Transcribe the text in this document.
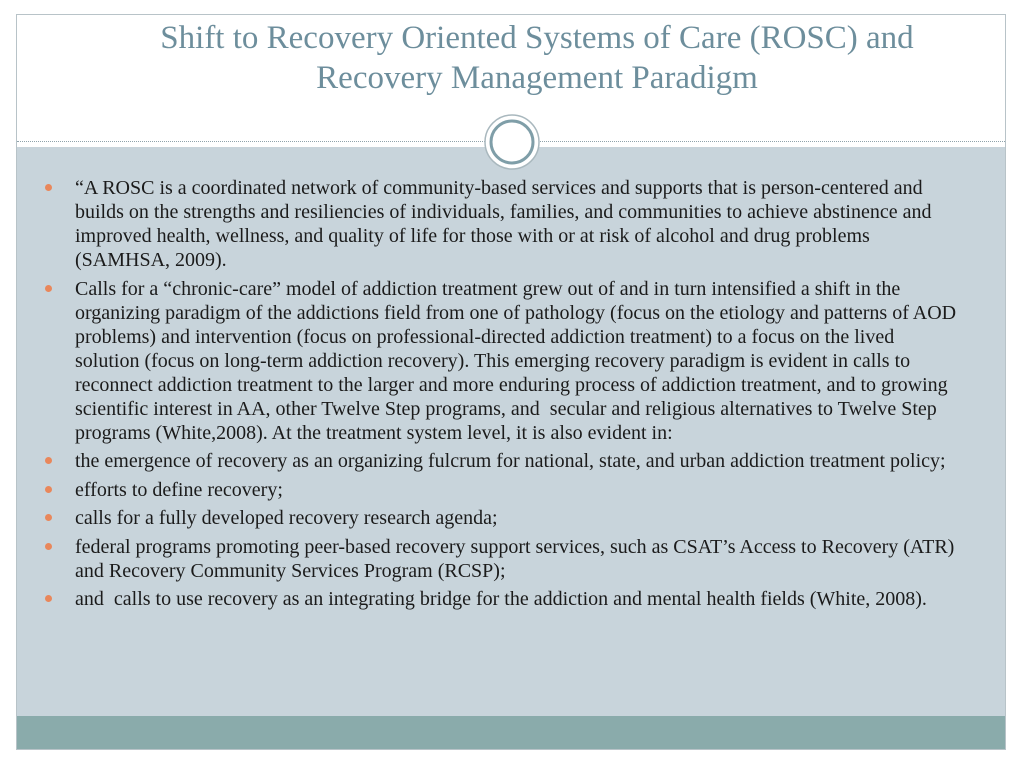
Shift to Recovery Oriented Systems of Care (ROSC) and
Recovery Management Paradigm
“A ROSC is a coordinated network of community-based services and supports that is person-centered and builds on the strengths and resiliencies of individuals, families, and communities to achieve abstinence and improved health, wellness, and quality of life for those with or at risk of alcohol and drug problems (SAMHSA, 2009).
Calls for a “chronic-care” model of addiction treatment grew out of and in turn intensified a shift in the organizing paradigm of the addictions field from one of pathology (focus on the etiology and patterns of AOD problems) and intervention (focus on professional-directed addiction treatment) to a focus on the lived solution (focus on long-term addiction recovery). This emerging recovery paradigm is evident in calls to reconnect addiction treatment to the larger and more enduring process of addiction treatment, and to growing scientific interest in AA, other Twelve Step programs, and  secular and religious alternatives to Twelve Step programs (White,2008). At the treatment system level, it is also evident in:
the emergence of recovery as an organizing fulcrum for national, state, and urban addiction treatment policy;
efforts to define recovery;
calls for a fully developed recovery research agenda;
federal programs promoting peer-based recovery support services, such as CSAT’s Access to Recovery (ATR) and Recovery Community Services Program (RCSP);
and  calls to use recovery as an integrating bridge for the addiction and mental health fields (White, 2008).
